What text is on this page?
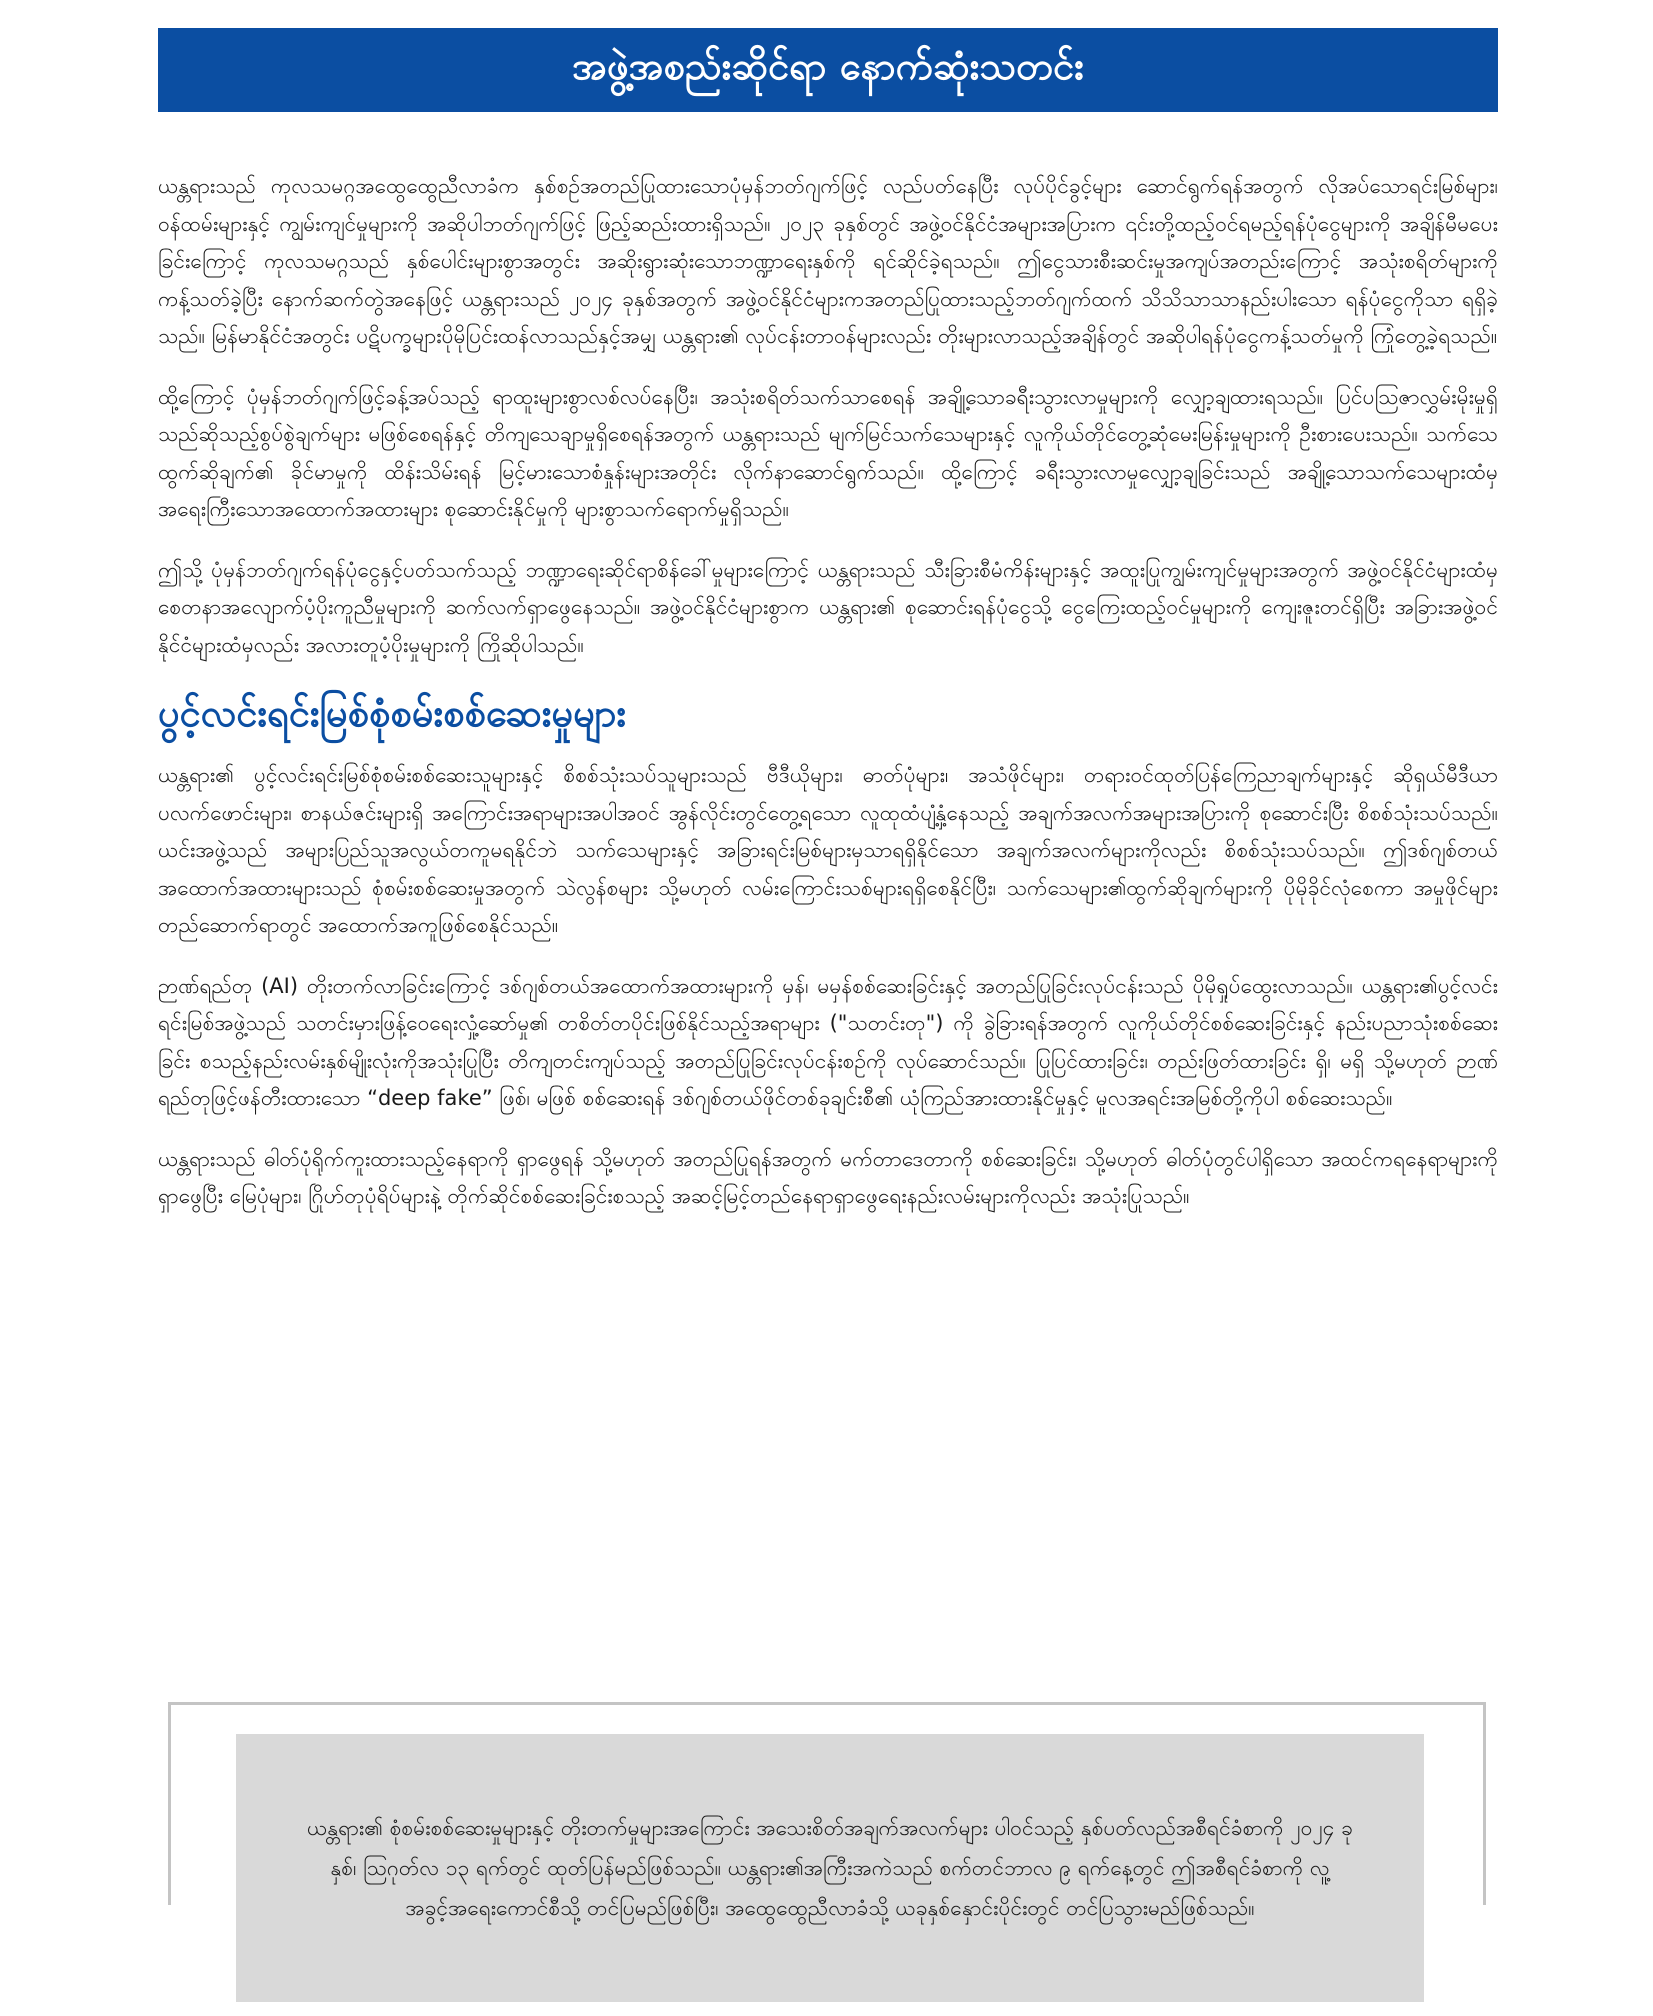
အဖွဲ့အစည်းဆိုင်ရာ နောက်ဆုံးသတင်း

ယန္တရားသည် ကုလသမဂ္ဂအထွေထွေညီလာခံက နှစ်စဉ်အတည်ပြုထားသောပုံမှန်ဘတ်ဂျက်ဖြင့် လည်ပတ်နေပြီး လုပ်ပိုင်ခွင့်များ ဆောင်ရွက်ရန်အတွက် လိုအပ်သောရင်းမြစ်များ၊ ဝန်ထမ်းများနှင့် ကျွမ်းကျင်မှုများကို အဆိုပါဘတ်ဂျက်ဖြင့် ဖြည့်ဆည်းထားရှိသည်။ ၂၀၂၃ ခုနှစ်တွင် အဖွဲ့ဝင်နိုင်ငံအများအပြားက ၎င်းတို့ထည့်ဝင်ရမည့်ရန်ပုံငွေများကို အချိန်မီမပေးခြင်းကြောင့် ကုလသမဂ္ဂသည် နှစ်ပေါင်းများစွာအတွင်း အဆိုးရွားဆုံးသောဘဏ္ဍာရေးနှစ်ကို ရင်ဆိုင်ခဲ့ရသည်။ ဤငွေသားစီးဆင်းမှုအကျပ်အတည်းကြောင့် အသုံးစရိတ်များကိုကန့်သတ်ခဲ့ပြီး နောက်ဆက်တွဲအနေဖြင့် ယန္တရားသည် ၂၀၂၄ ခုနှစ်အတွက် အဖွဲ့ဝင်နိုင်ငံများကအတည်ပြုထားသည့်ဘတ်ဂျက်ထက် သိသိသာသာနည်းပါးသော ရန်ပုံငွေကိုသာ ရရှိခဲ့သည်။ မြန်မာနိုင်ငံအတွင်း ပဋိပက္ခများပိုမိုပြင်းထန်လာသည်နှင့်အမျှ ယန္တရား၏ လုပ်ငန်းတာဝန်များလည်း တိုးများလာသည့်အချိန်တွင် အဆိုပါရန်ပုံငွေကန့်သတ်မှုကို ကြုံတွေ့ခဲ့ရသည်။

ထို့ကြောင့် ပုံမှန်ဘတ်ဂျက်ဖြင့်ခန့်အပ်သည့် ရာထူးများစွာလစ်လပ်နေပြီး၊ အသုံးစရိတ်သက်သာစေရန် အချို့သောခရီးသွားလာမှုများကို လျှော့ချထားရသည်။ ပြင်ပသြဇာလွှမ်းမိုးမှုရှိသည်ဆိုသည့်စွပ်စွဲချက်များ မဖြစ်စေရန်နှင့် တိကျသေချာမှုရှိစေရန်အတွက် ယန္တရားသည် မျက်မြင်သက်သေများနှင့် လူကိုယ်တိုင်တွေ့ဆုံမေးမြန်းမှုများကို ဦးစားပေးသည်။ သက်သေထွက်ဆိုချက်၏ ခိုင်မာမှုကို ထိန်းသိမ်းရန် မြင့်မားသောစံနှုန်းများအတိုင်း လိုက်နာဆောင်ရွက်သည်။ ထို့ကြောင့် ခရီးသွားလာမှုလျှော့ချခြင်းသည် အချို့သောသက်သေများထံမှ အရေးကြီးသောအထောက်အထားများ စုဆောင်းနိုင်မှုကို များစွာသက်ရောက်မှုရှိသည်။

ဤသို့ ပုံမှန်ဘတ်ဂျက်ရန်ပုံငွေနှင့်ပတ်သက်သည့် ဘဏ္ဍာရေးဆိုင်ရာစိန်ခေါ်မှုများကြောင့် ယန္တရားသည် သီးခြားစီမံကိန်းများနှင့် အထူးပြုကျွမ်းကျင်မှုများအတွက် အဖွဲ့ဝင်နိုင်ငံများထံမှ စေတနာအလျောက်ပံ့ပိုးကူညီမှုများကို ဆက်လက်ရှာဖွေနေသည်။ အဖွဲ့ဝင်နိုင်ငံများစွာက ယန္တရား၏ စုဆောင်းရန်ပုံငွေသို့ ငွေကြေးထည့်ဝင်မှုများကို ကျေးဇူးတင်ရှိပြီး အခြားအဖွဲ့ဝင်နိုင်ငံများထံမှလည်း အလားတူပံ့ပိုးမှုများကို ကြိုဆိုပါသည်။

ပွင့်လင်းရင်းမြစ်စုံစမ်းစစ်ဆေးမှုများ

ယန္တရား၏ ပွင့်လင်းရင်းမြစ်စုံစမ်းစစ်ဆေးသူများနှင့် စိစစ်သုံးသပ်သူများသည် ဗီဒီယိုများ၊ ဓာတ်ပုံများ၊ အသံဖိုင်များ၊ တရားဝင်ထုတ်ပြန်ကြေညာချက်များနှင့် ဆိုရှယ်မီဒီယာပလက်ဖောင်းများ၊ စာနယ်ဇင်းများရှိ အကြောင်းအရာများအပါအဝင် အွန်လိုင်းတွင်တွေ့ရသော လူထုထံပျံ့နှံ့နေသည့် အချက်အလက်အများအပြားကို စုဆောင်းပြီး စိစစ်သုံးသပ်သည်။ ယင်းအဖွဲ့သည် အများပြည်သူအလွယ်တကူမရနိုင်ဘဲ သက်သေများနှင့် အခြားရင်းမြစ်များမှသာရရှိနိုင်သော အချက်အလက်များကိုလည်း စိစစ်သုံးသပ်သည်။ ဤဒစ်ဂျစ်တယ်အထောက်အထားများသည် စုံစမ်းစစ်ဆေးမှုအတွက် သဲလွန်စများ သို့မဟုတ် လမ်းကြောင်းသစ်များရရှိစေနိုင်ပြီး၊ သက်သေများ၏ထွက်ဆိုချက်များကို ပိုမိုခိုင်လုံစေကာ အမှုဖိုင်များတည်ဆောက်ရာတွင် အထောက်အကူဖြစ်စေနိုင်သည်။

ဉာဏ်ရည်တု (AI) တိုးတက်လာခြင်းကြောင့် ဒစ်ဂျစ်တယ်အထောက်အထားများကို မှန်၊ မမှန်စစ်ဆေးခြင်းနှင့် အတည်ပြုခြင်းလုပ်ငန်းသည် ပိုမိုရှုပ်ထွေးလာသည်။ ယန္တရား၏ပွင့်လင်းရင်းမြစ်အဖွဲ့သည် သတင်းမှားဖြန့်ဝေရေးလှုံ့ဆော်မှု၏ တစိတ်တပိုင်းဖြစ်နိုင်သည့်အရာများ ("သတင်းတု") ကို ခွဲခြားရန်အတွက် လူကိုယ်တိုင်စစ်ဆေးခြင်းနှင့် နည်းပညာသုံးစစ်ဆေးခြင်း စသည့်နည်းလမ်းနှစ်မျိုးလုံးကိုအသုံးပြုပြီး တိကျတင်းကျပ်သည့် အတည်ပြုခြင်းလုပ်ငန်းစဉ်ကို လုပ်ဆောင်သည်။ ပြုပြင်ထားခြင်း၊ တည်းဖြတ်ထားခြင်း ရှိ၊ မရှိ သို့မဟုတ် ဉာဏ်ရည်တုဖြင့်ဖန်တီးထားသော “deep fake” ဖြစ်၊ မဖြစ် စစ်ဆေးရန် ဒစ်ဂျစ်တယ်ဖိုင်တစ်ခုချင်းစီ၏ ယုံကြည်အားထားနိုင်မှုနှင့် မူလအရင်းအမြစ်တို့ကိုပါ စစ်ဆေးသည်။

ယန္တရားသည် ဓါတ်ပုံရိုက်ကူးထားသည့်နေရာကို ရှာဖွေရန် သို့မဟုတ် အတည်ပြုရန်အတွက် မက်တာဒေတာကို စစ်ဆေးခြင်း၊ သို့မဟုတ် ဓါတ်ပုံတွင်ပါရှိသော အထင်ကရနေရာများကိုရှာဖွေပြီး မြေပုံများ၊ ဂြိုဟ်တုပုံရိပ်များနဲ့ တိုက်ဆိုင်စစ်ဆေးခြင်းစသည့် အဆင့်မြင့်တည်နေရာရှာဖွေရေးနည်းလမ်းများကိုလည်း အသုံးပြုသည်။

ယန္တရား၏ စုံစမ်းစစ်ဆေးမှုများနှင့် တိုးတက်မှုများအကြောင်း အသေးစိတ်အချက်အလက်များ ပါဝင်သည့် နှစ်ပတ်လည်အစီရင်ခံစာကို ၂၀၂၄ ခုနှစ်၊ ဩဂုတ်လ ၁၃ ရက်တွင် ထုတ်ပြန်မည်ဖြစ်သည်။ ယန္တရား၏အကြီးအကဲသည် စက်တင်ဘာလ ၉ ရက်နေ့တွင် ဤအစီရင်ခံစာကို လူ့အခွင့်အရေးကောင်စီသို့ တင်ပြမည်ဖြစ်ပြီး၊ အထွေထွေညီလာခံသို့ ယခုနှစ်နှောင်းပိုင်းတွင် တင်ပြသွားမည်ဖြစ်သည်။
